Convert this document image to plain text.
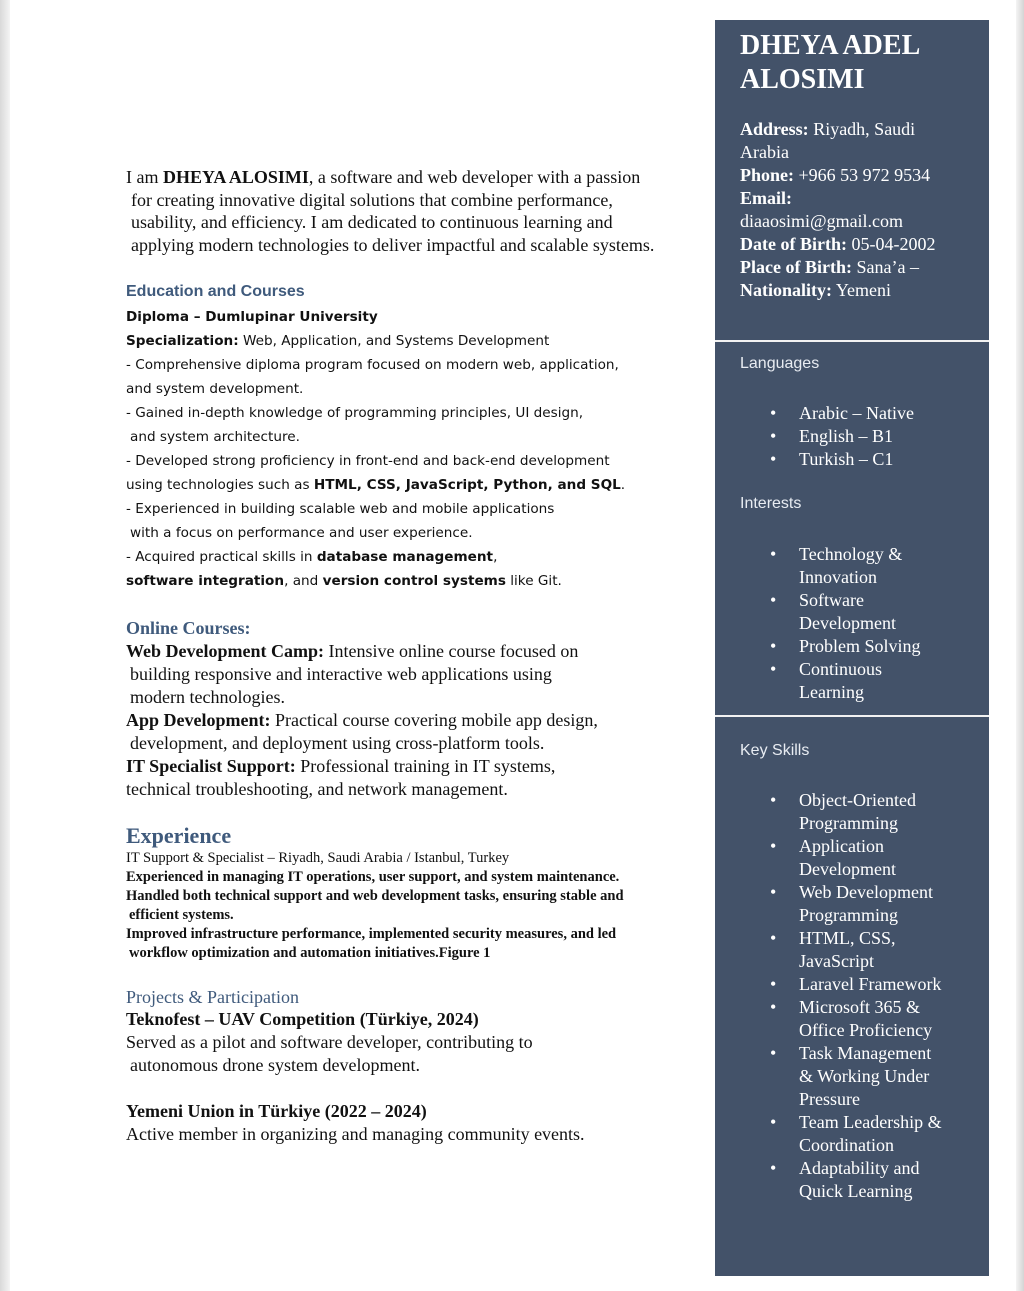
I am DHEYA ALOSIMI, a software and web developer with a passion
for creating innovative digital solutions that combine performance,
usability, and efficiency. I am dedicated to continuous learning and
applying modern technologies to deliver impactful and scalable systems.
Education and Courses
Diploma – Dumlupinar University
Specialization: Web, Application, and Systems Development
- Comprehensive diploma program focused on modern web, application,
and system development.
- Gained in-depth knowledge of programming principles, UI design,
and system architecture.
- Developed strong proficiency in front-end and back-end development
using technologies such as HTML, CSS, JavaScript, Python, and SQL.
- Experienced in building scalable web and mobile applications
with a focus on performance and user experience.
- Acquired practical skills in database management,
software integration, and version control systems like Git.
Online Courses:
Web Development Camp: Intensive online course focused on
building responsive and interactive web applications using
modern technologies.
App Development: Practical course covering mobile app design,
development, and deployment using cross-platform tools.
IT Specialist Support: Professional training in IT systems,
technical troubleshooting, and network management.
Experience
IT Support & Specialist – Riyadh, Saudi Arabia / Istanbul, Turkey
Experienced in managing IT operations, user support, and system maintenance.
Handled both technical support and web development tasks, ensuring stable and
efficient systems.
Improved infrastructure performance, implemented security measures, and led
workflow optimization and automation initiatives.Figure 1
Projects & Participation
Teknofest – UAV Competition (Türkiye, 2024)
Served as a pilot and software developer, contributing to
autonomous drone system development.

Yemeni Union in Türkiye (2022 – 2024)
Active member in organizing and managing community events.
DHEYA ADEL
ALOSIMI
Address: Riyadh, Saudi
Arabia
Phone: +966 53 972 9534
Email:
diaaosimi@gmail.com
Date of Birth: 05-04-2002
Place of Birth: Sana’a –
Nationality: Yemeni
Languages
• Arabic – Native
• English – B1
• Turkish – C1
Interests
• Technology &
Innovation
• Software
Development
• Problem Solving
• Continuous
Learning
Key Skills
• Object-Oriented
Programming
• Application
Development
• Web Development
Programming
• HTML, CSS,
JavaScript
• Laravel Framework
• Microsoft 365 &
Office Proficiency
• Task Management
& Working Under
Pressure
• Team Leadership &
Coordination
• Adaptability and
Quick Learning
